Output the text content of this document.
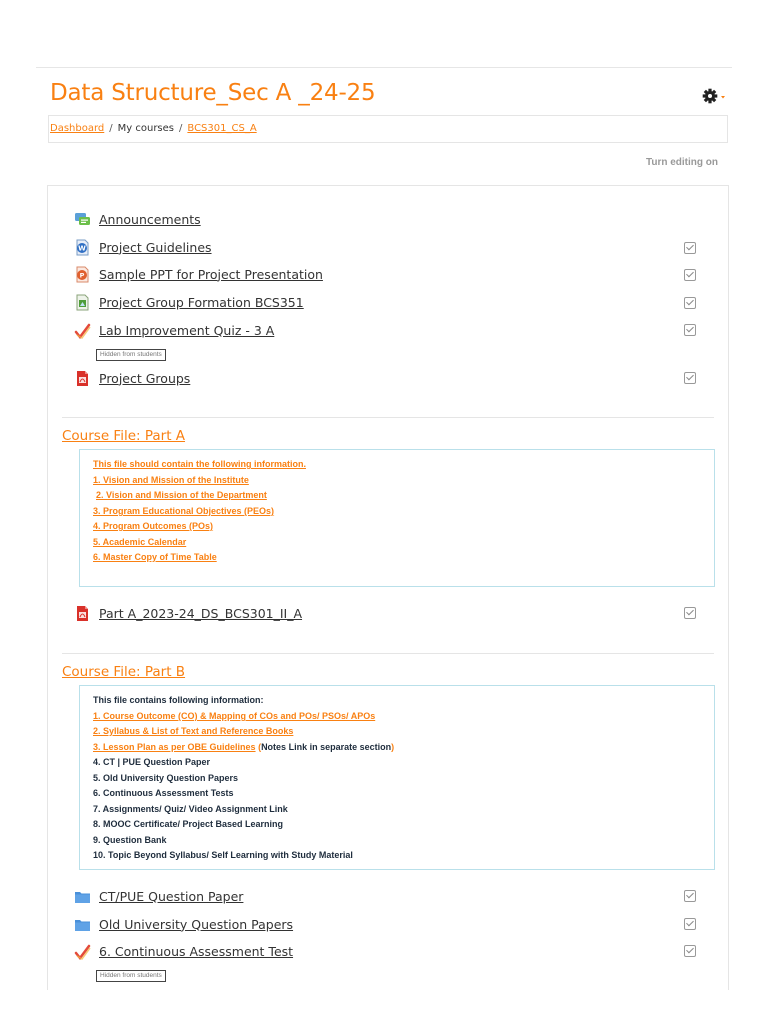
Data Structure_Sec A _24-25
Dashboard / My courses / BCS301_CS_A
Turn editing on
Announcements
W Project Guidelines
P Sample PPT for Project Presentation
Project Group Formation BCS351
Lab Improvement Quiz - 3 A
Hidden from students
Project Groups
Course File: Part A
This file should contain the following information.
1. Vision and Mission of the Institute
2. Vision and Mission of the Department
3. Program Educational Objectives (PEOs)
4. Program Outcomes (POs)
5. Academic Calendar
6. Master Copy of Time Table
Part A_2023-24_DS_BCS301_II_A
Course File: Part B
This file contains following information:
1. Course Outcome (CO) & Mapping of COs and POs/ PSOs/ APOs
2. Syllabus & List of Text and Reference Books
3. Lesson Plan as per OBE Guidelines (Notes Link in separate section)
4. CT | PUE Question Paper
5. Old University Question Papers
6. Continuous Assessment Tests
7. Assignments/ Quiz/ Video Assignment Link
8. MOOC Certificate/ Project Based Learning
9. Question Bank
10. Topic Beyond Syllabus/ Self Learning with Study Material
CT/PUE Question Paper
Old University Question Papers
6. Continuous Assessment Test
Hidden from students
